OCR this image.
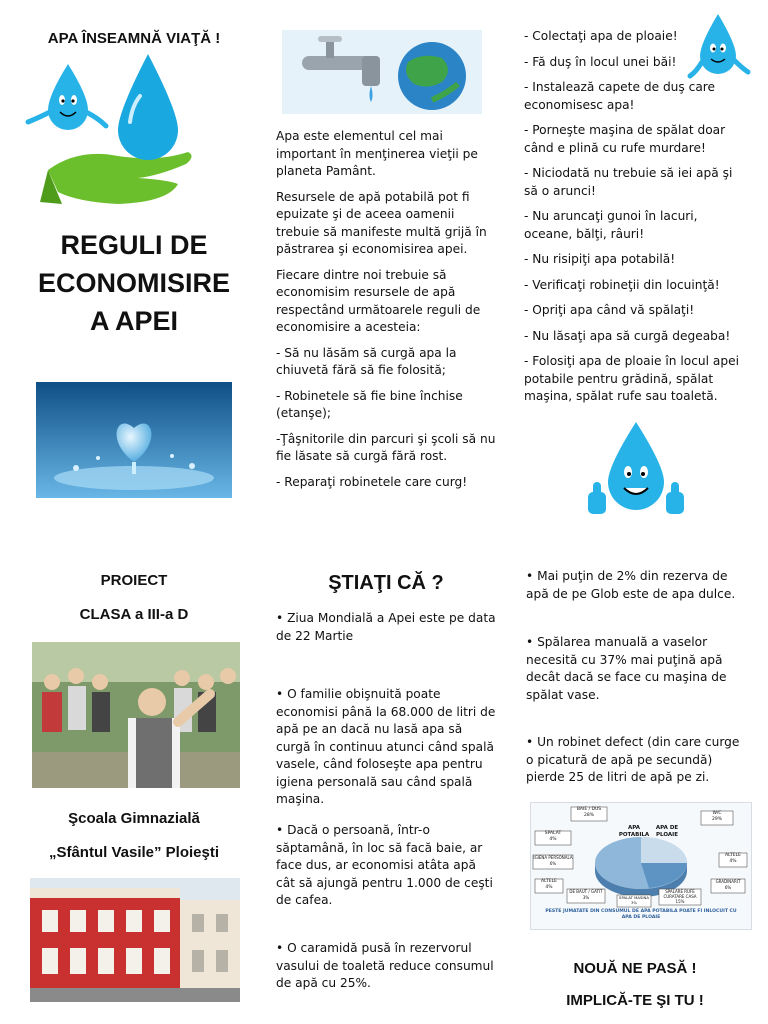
APA ÎNSEAMNĂ VIAŢĂ !
REGULI DE
ECONOMISIRE
A APEI

Apa este elementul cel mai important în menţinerea vieţii pe planeta Pamânt.

Resursele de apă potabilă pot fi epuizate şi de aceea oamenii trebuie să manifeste multă grijă în păstrarea şi economisirea apei.

Fiecare dintre noi trebuie să economisim resursele de apă respectând următoarele reguli de economisire a acesteia:

- Să nu lăsăm să curgă apa la chiuvetă fără să fie folosită;

- Robinetele să fie bine închise (etanşe);

-Ţâşnitorile din parcuri şi şcoli să nu fie lăsate să curgă fără rost.

- Reparaţi robinetele care curg!

- Colectaţi apa de ploaie!

- Fă duş în locul unei băi!

- Instalează capete de duş care economisesc apa!

- Porneşte maşina de spălat doar când e plină cu rufe murdare!

- Niciodată nu trebuie să iei apă şi să o arunci!

- Nu aruncaţi gunoi în lacuri, oceane, bălţi, râuri!

- Nu risipiţi apa potabilă!

- Verificaţi robineţii din locuinţă!

- Opriţi apa când vă spălaţi!

- Nu lăsaţi apa să curgă degeaba!

- Folosiţi apa de ploaie în locul apei potabile pentru grădină, spălat maşina, spălat rufe sau toaletă.

PROIECT
CLASA a III-a D
Şcoala Gimnazială
„Sfântul Vasile” Ploieşti
ŞTIAŢI CĂ ?

• Ziua Mondială a Apei este pe data de 22 Martie

• O familie obişnuită poate economisi până la 68.000 de litri de apă pe an dacă nu lasă apa să curgă în continuu atunci când spală vasele, când foloseşte apa pentru igiena personală sau când spală maşina.

• Dacă o persoană, într-o săptamână, în loc să facă baie, ar face dus, ar economisi atâta apă cât să ajungă pentru 1.000 de ceşti de cafea.

• O caramidă pusă în rezervorul vasului de toaletă reduce consumul de apă cu 25%.

• Mai puţin de 2% din rezerva de apă de pe Glob este de apa dulce.

• Spălarea manuală a vaselor necesită cu 37% mai puţină apă decât dacă se face cu maşina de spălat vase.

• Un robinet defect (din care curge o picatură de apă pe secundă) pierde 25 de litri de apă pe zi.

APA POTABILA
APA DE PLOAIE
BAIE / DUS
28%
SPALAT
4%
IGIENA PERSONALA
6%
ALTELE
4%
DE BAUT / GATIT
3%	SPALAT MASINA
3%
SPALARE RUFE
CURATARE CASA
15%
W/C
29%
ALTELE
4%
GRADINARIT
6%
PESTE JUMATATE DIN CONSUMUL DE APA POTABILA POATE FI INLOCUIT CU APA DE PLOAIE
NOUĂ NE PASĂ !
IMPLICĂ-TE ŞI TU !
